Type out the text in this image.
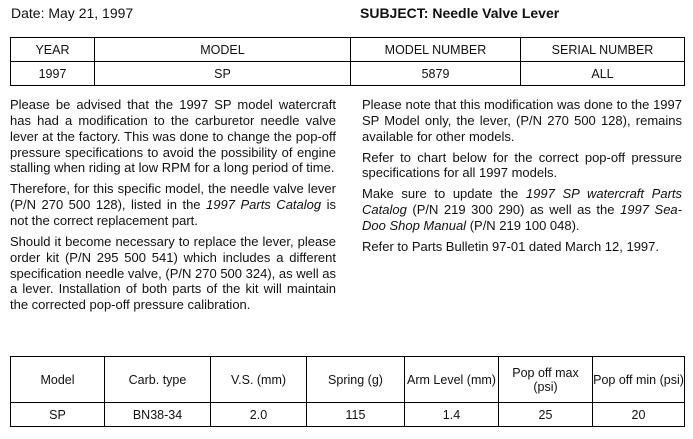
Date: May 21, 1997	SUBJECT: Needle Valve Lever
YEAR	MODEL	MODEL NUMBER	SERIAL NUMBER
1997	SP	5879	ALL

Please be advised that the 1997 SP model watercraft has had a modification to the carburetor needle valve lever at the factory. This was done to change the pop-off pressure specifications to avoid the possibility of engine stalling when riding at low RPM for a long period of time.

Therefore, for this specific model, the needle valve lever (P/N 270 500 128), listed in the 1997 Parts Catalog is not the correct replacement part.

Should it become necessary to replace the lever, please order kit (P/N 295 500 541) which includes a different specification needle valve, (P/N 270 500 324), as well as a lever. Installation of both parts of the kit will maintain the corrected pop-off pressure calibration.

Please note that this modification was done to the 1997 SP Model only, the lever, (P/N 270 500 128), remains available for other models.

Refer to chart below for the correct pop-off pressure specifications for all 1997 models.

Make sure to update the 1997 SP watercraft Parts Catalog (P/N 219 300 290) as well as the 1997 Sea-Doo Shop Manual (P/N 219 100 048).

Refer to Parts Bulletin 97-01 dated March 12, 1997.

Model	Carb. type	V.S. (mm)	Spring (g)	Arm Level (mm)	Pop off max (psi)	Pop off min (psi)
SP	BN38-34	2.0	115	1.4	25	20
